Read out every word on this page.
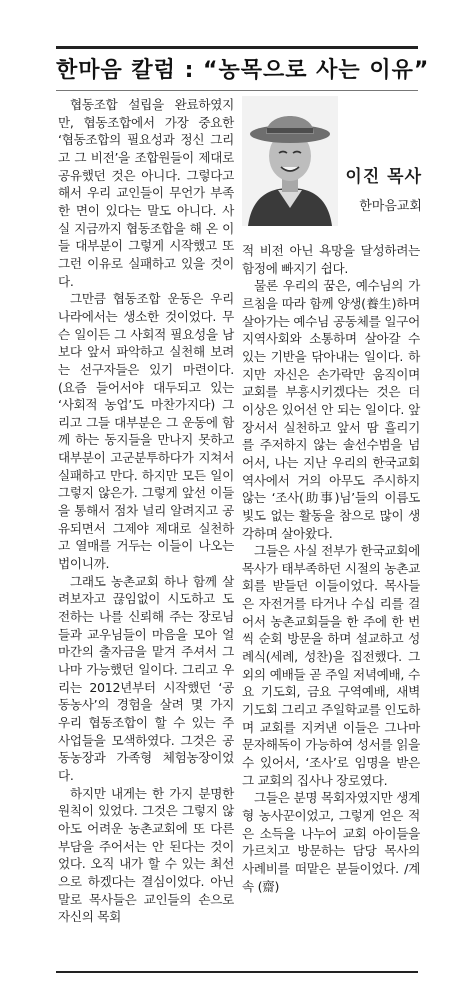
한마음 칼럼 : “농목으로 사는 이유”

협동조합 설립을 완료하였지만, 협동조합에서 가장 중요한 ‘협동조합의 필요성과 정신 그리고 그 비전’을 조합원들이 제대로 공유했던 것은 아니다. 그렇다고 해서 우리 교인들이 무언가 부족한 면이 있다는 말도 아니다. 사실 지금까지 협동조합을 해 온 이들 대부분이 그렇게 시작했고 또 그런 이유로 실패하고 있을 것이다.

그만큼 협동조합 운동은 우리나라에서는 생소한 것이었다. 무슨 일이든 그 사회적 필요성을 남보다 앞서 파악하고 실천해 보려는 선구자들은 있기 마련이다. (요즘 들어서야 대두되고 있는 ‘사회적 농업’도 마찬가지다) 그리고 그들 대부분은 그 운동에 함께 하는 동지들을 만나지 못하고 대부분이 고군분투하다가 지쳐서 실패하고 만다. 하지만 모든 일이 그렇지 않은가. 그렇게 앞선 이들을 통해서 점차 널리 알려지고 공유되면서 그제야 제대로 실천하고 열매를 거두는 이들이 나오는 법이니까.

그래도 농촌교회 하나 함께 살려보자고 끊임없이 시도하고 도전하는 나를 신뢰해 주는 장로님들과 교우님들이 마음을 모아 얼마간의 출자금을 맡겨 주셔서 그나마 가능했던 일이다. 그리고 우리는 2012년부터 시작했던 ‘공동농사’의 경험을 살려 몇 가지 우리 협동조합이 할 수 있는 주 사업들을 모색하였다. 그것은 공동농장과 가족형 체험농장이었다.

하지만 내게는 한 가지 분명한 원칙이 있었다. 그것은 그렇지 않아도 어려운 농촌교회에 또 다른 부담을 주어서는 안 된다는 것이었다. 오직 내가 할 수 있는 최선으로 하겠다는 결심이었다. 아닌 말로 목사들은 교인들의 손으로 자신의 목회

이진 목사
한마음교회

적 비전 아닌 욕망을 달성하려는 함정에 빠지기 쉽다.

물론 우리의 꿈은, 예수님의 가르침을 따라 함께 양생(養生)하며 살아가는 예수님 공동체를 일구어 지역사회와 소통하며 살아갈 수 있는 기반을 닦아내는 일이다. 하지만 자신은 손가락만 움직이며 교회를 부흥시키겠다는 것은 더 이상은 있어선 안 되는 일이다. 앞장서서 실천하고 앞서 땀 흘리기를 주저하지 않는 솔선수범을 넘어서, 나는 지난 우리의 한국교회 역사에서 거의 아무도 주시하지 않는 ‘조사(助事)님’들의 이름도 빛도 없는 활동을 참으로 많이 생각하며 살아왔다.

그들은 사실 전부가 한국교회에 목사가 태부족하던 시절의 농촌교회를 받들던 이들이었다. 목사들은 자전거를 타거나 수십 리를 걸어서 농촌교회들을 한 주에 한 번씩 순회 방문을 하며 설교하고 성례식(세례, 성찬)을 집전했다. 그 외의 예배들 곧 주일 저녁예배, 수요 기도회, 금요 구역예배, 새벽 기도회 그리고 주일학교를 인도하며 교회를 지켜낸 이들은 그나마 문자해독이 가능하여 성서를 읽을 수 있어서, ‘조사’로 임명을 받은 그 교회의 집사나 장로였다.

그들은 분명 목회자였지만 생계형 농사꾼이었고, 그렇게 얻은 적은 소득을 나누어 교회 아이들을 가르치고 방문하는 담당 목사의 사례비를 떠맡은 분들이었다. /계속 (齋)
